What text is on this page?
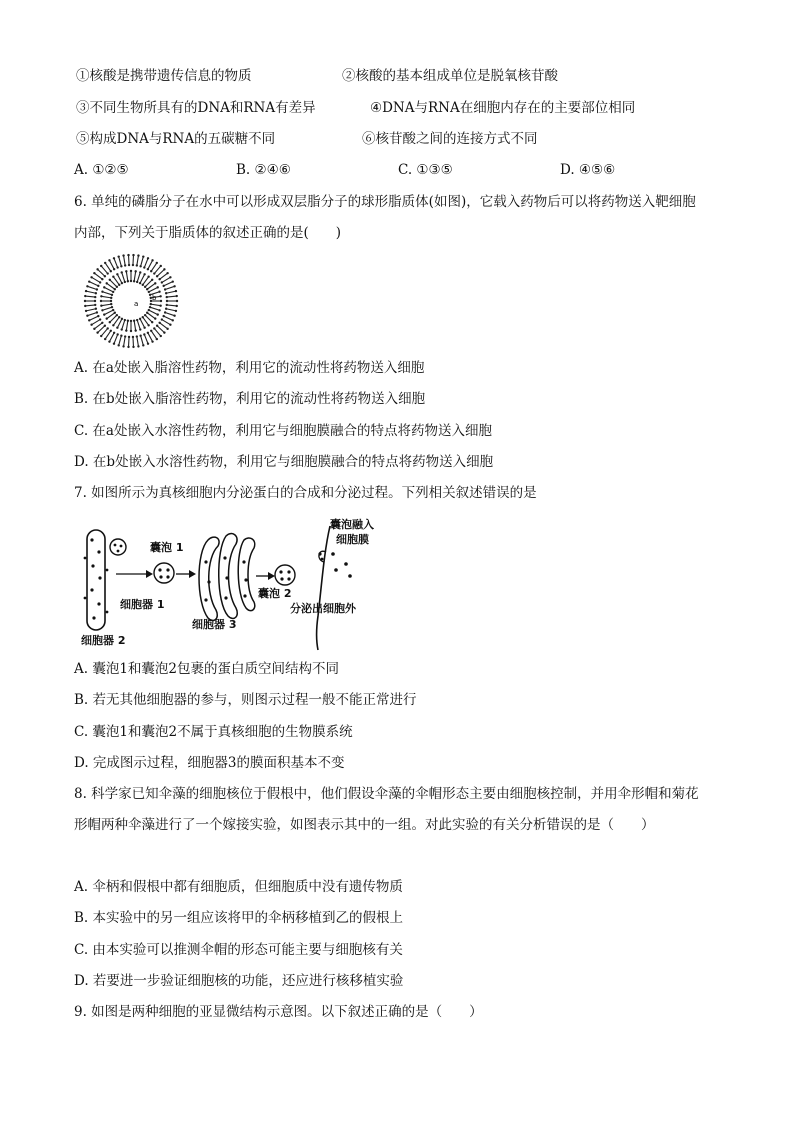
①核酸是携带遗传信息的物质	②核酸的基本组成单位是脱氧核苷酸
③不同生物所具有的DNA和RNA有差异	④DNA与RNA在细胞内存在的主要部位相同
⑤构成DNA与RNA的五碳糖不同	⑥核苷酸之间的连接方式不同
A. ①②⑤	B. ②④⑥	C. ①③⑤	D. ④⑤⑥
6. 单纯的磷脂分子在水中可以形成双层脂分子的球形脂质体(如图)，它载入药物后可以将药物送入靶细胞
内部，下列关于脂质体的叙述正确的是(　　)
a
b
A. 在a处嵌入脂溶性药物，利用它的流动性将药物送入细胞
B. 在b处嵌入脂溶性药物，利用它的流动性将药物送入细胞
C. 在a处嵌入水溶性药物，利用它与细胞膜融合的特点将药物送入细胞
D. 在b处嵌入水溶性药物，利用它与细胞膜融合的特点将药物送入细胞
7. 如图所示为真核细胞内分泌蛋白的合成和分泌过程。下列相关叙述错误的是
囊泡 1
细胞器 1
细胞器 2
细胞器 3
囊泡 2
囊泡融入
细胞膜
分泌出细胞外
A. 囊泡1和囊泡2包裹的蛋白质空间结构不同
B. 若无其他细胞器的参与，则图示过程一般不能正常进行
C. 囊泡1和囊泡2不属于真核细胞的生物膜系统
D. 完成图示过程，细胞器3的膜面积基本不变
8. 科学家已知伞藻的细胞核位于假根中，他们假设伞藻的伞帽形态主要由细胞核控制，并用伞形帽和菊花
形帽两种伞藻进行了一个嫁接实验，如图表示其中的一组。对此实验的有关分析错误的是（　　）
A. 伞柄和假根中都有细胞质，但细胞质中没有遗传物质
B. 本实验中的另一组应该将甲的伞柄移植到乙的假根上
C. 由本实验可以推测伞帽的形态可能主要与细胞核有关
D. 若要进一步验证细胞核的功能，还应进行核移植实验
9. 如图是两种细胞的亚显微结构示意图。以下叙述正确的是（　　）
